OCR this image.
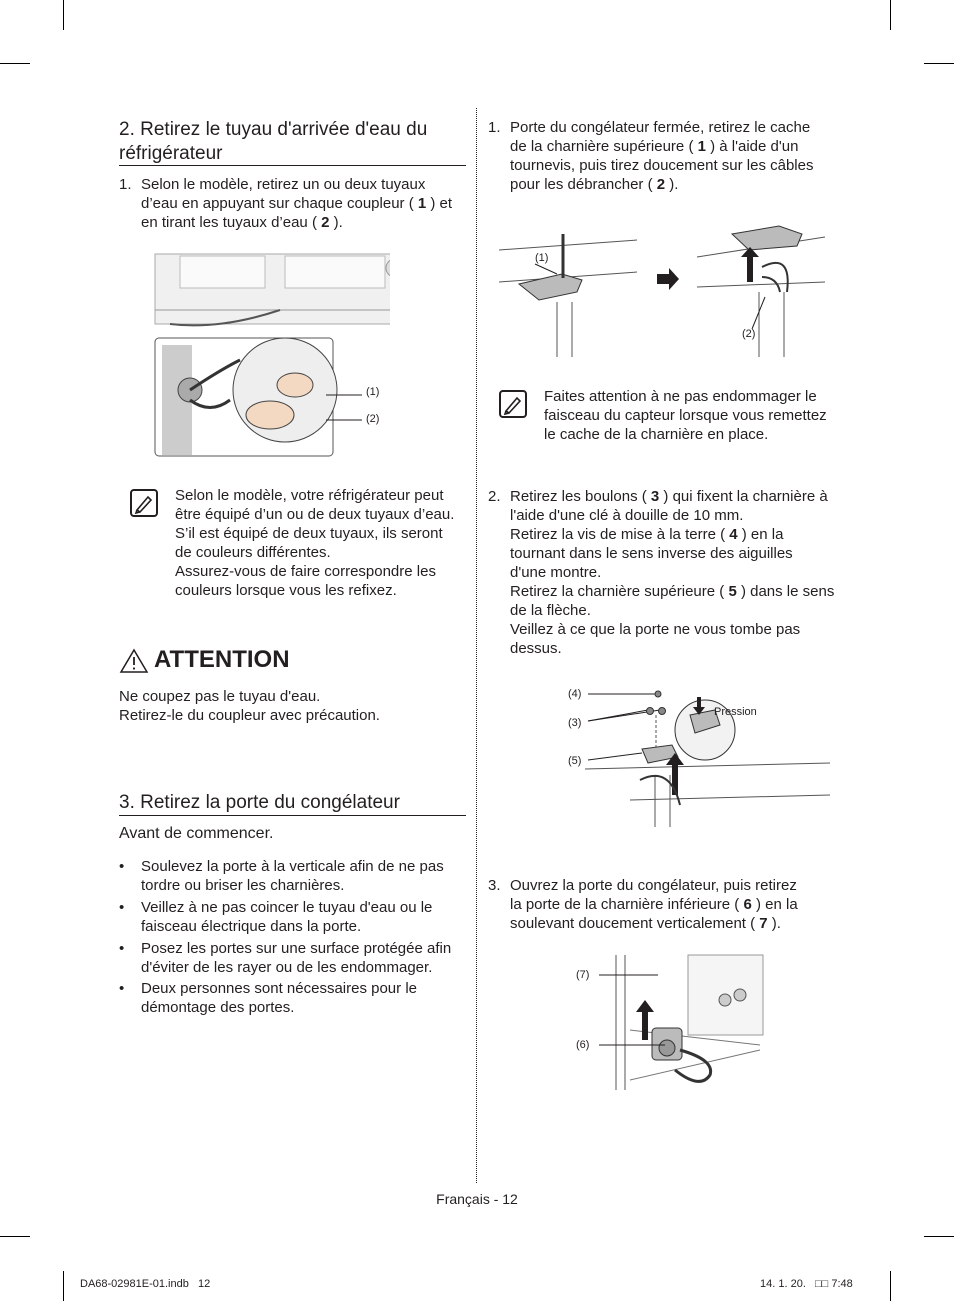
2. Retirez le tuyau d'arrivée d'eau du
réfrigérateur
1. Selon le modèle, retirez un ou deux tuyaux
d’eau en appuyant sur chaque coupleur ( 1 ) et
en tirant les tuyaux d’eau ( 2 ).
(1)
(2)
Selon le modèle, votre réfrigérateur peut
être équipé d’un ou de deux tuyaux d’eau.
S’il est équipé de deux tuyaux, ils seront
de couleurs différentes.
Assurez-vous de faire correspondre les
couleurs lorsque vous les refixez.
ATTENTION
Ne coupez pas le tuyau d'eau.
Retirez-le du coupleur avec précaution.
3. Retirez la porte du congélateur
Avant de commencer.
• Soulevez la porte à la verticale afin de ne pas
tordre ou briser les charnières.
• Veillez à ne pas coincer le tuyau d'eau ou le
faisceau électrique dans la porte.
• Posez les portes sur une surface protégée afin
d'éviter de les rayer ou de les endommager.
• Deux personnes sont nécessaires pour le
démontage des portes.
1. Porte du congélateur fermée, retirez le cache
de la charnière supérieure ( 1 ) à l'aide d'un
tournevis, puis tirez doucement sur les câbles
pour les débrancher ( 2 ).
(1)
(2)
Faites attention à ne pas endommager le
faisceau du capteur lorsque vous remettez
le cache de la charnière en place.
2. Retirez les boulons ( 3 ) qui fixent la charnière à
l'aide d'une clé à douille de 10 mm.
Retirez la vis de mise à la terre ( 4 ) en la
tournant dans le sens inverse des aiguilles
d'une montre.
Retirez la charnière supérieure ( 5 ) dans le sens
de la flèche.
Veillez à ce que la porte ne vous tombe pas
dessus.
(4)
(3)
(5)
Pression
3. Ouvrez la porte du congélateur, puis retirez
la porte de la charnière inférieure ( 6 ) en la
soulevant doucement verticalement ( 7 ).
(7)
(6)
Français - 12
DA68-02981E-01.indb   12	14. 1. 20.   □□ 7:48
